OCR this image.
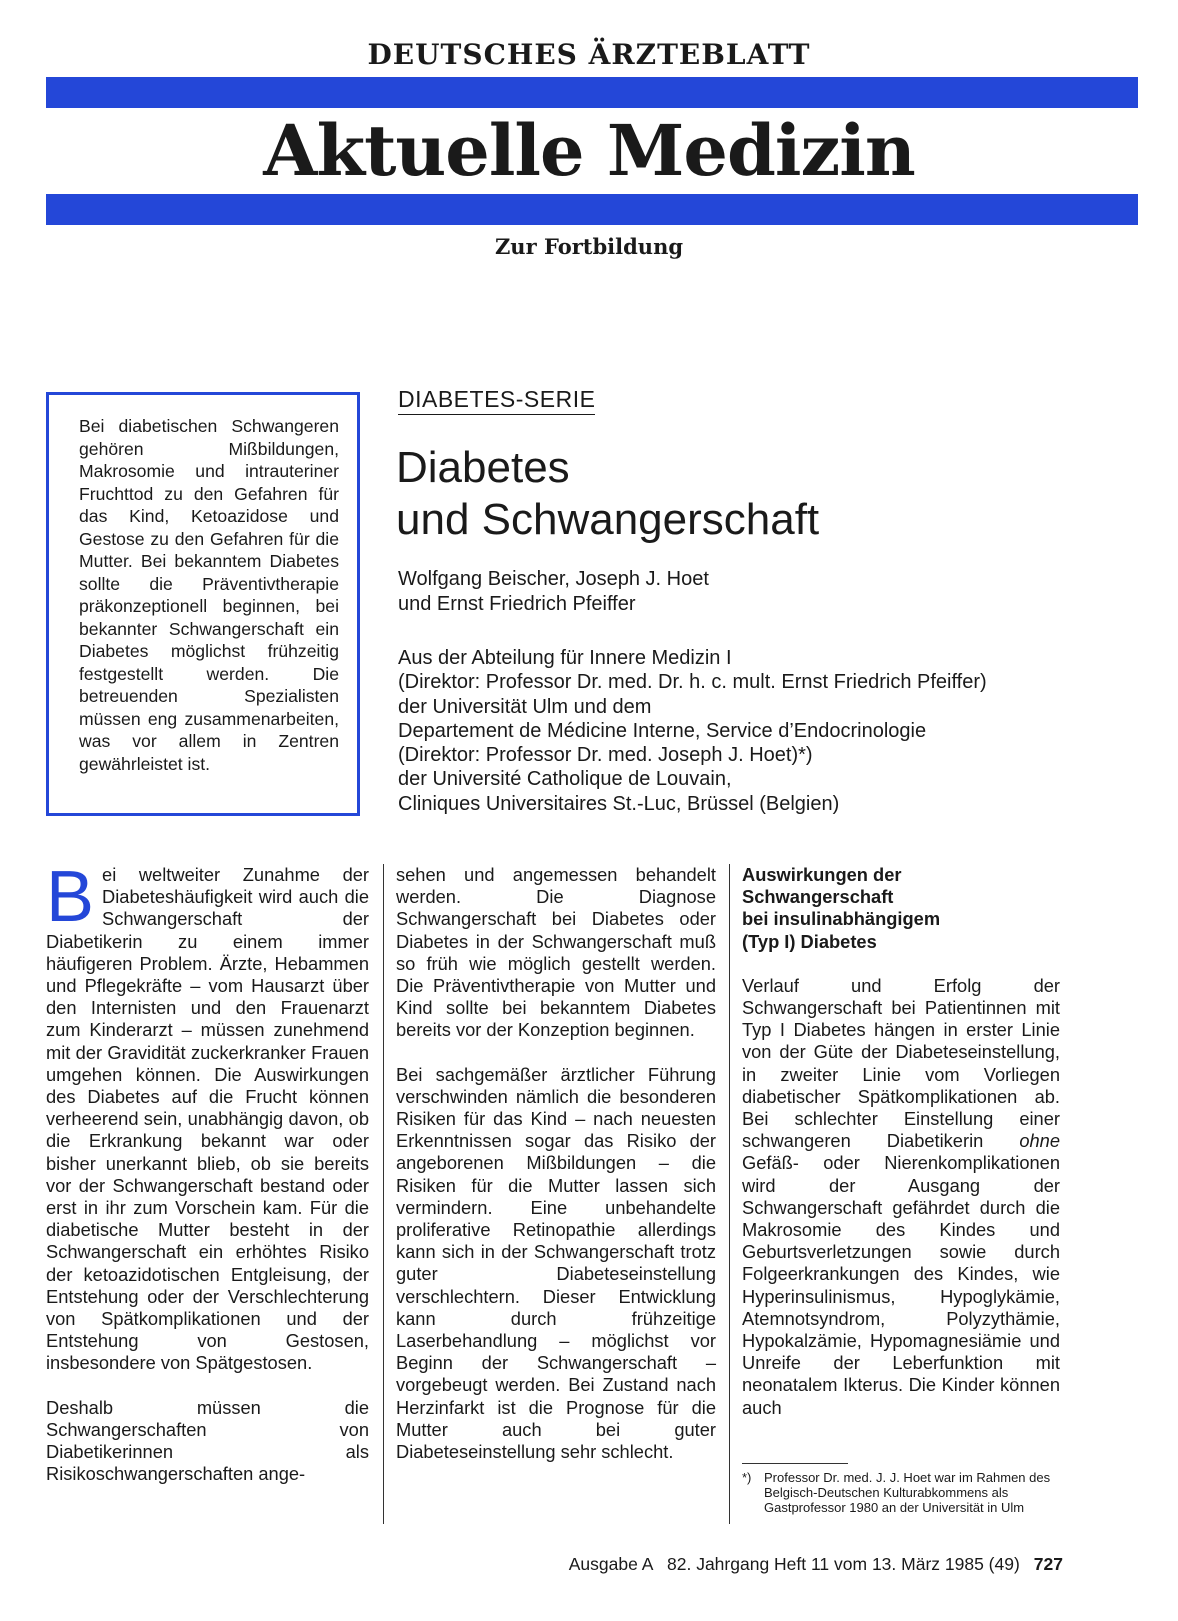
DEUTSCHES ÄRZTEBLATT
Aktuelle Medizin
Zur Fortbildung
Bei diabetischen Schwangeren gehören Mißbildungen, Makrosomie und intrauteriner Fruchttod zu den Gefahren für das Kind, Ketoazidose und Gestose zu den Gefahren für die Mutter. Bei bekanntem Diabetes sollte die Präventivtherapie präkonzeptionell beginnen, bei bekannter Schwangerschaft ein Diabetes möglichst frühzeitig festgestellt werden. Die betreuenden Spezialisten müssen eng zusammenarbeiten, was vor allem in Zentren gewährleistet ist.
DIABETES-SERIE
Diabetes
und Schwangerschaft
Wolfgang Beischer, Joseph J. Hoet
und Ernst Friedrich Pfeiffer
Aus der Abteilung für Innere Medizin I
(Direktor: Professor Dr. med. Dr. h. c. mult. Ernst Friedrich Pfeiffer)
der Universität Ulm und dem
Departement de Médicine Interne, Service d’Endocrinologie
(Direktor: Professor Dr. med. Joseph J. Hoet)*)
der Université Catholique de Louvain,
Cliniques Universitaires St.-Luc, Brüssel (Belgien)

Bei weltweiter Zunahme der Diabeteshäufigkeit wird auch die Schwangerschaft der Diabetikerin zu einem immer häufigeren Problem. Ärzte, Hebammen und Pflegekräfte – vom Hausarzt über den Internisten und den Frauenarzt zum Kinderarzt – müssen zunehmend mit der Gravidität zuckerkranker Frauen umgehen können. Die Auswirkungen des Diabetes auf die Frucht können verheerend sein, unabhängig davon, ob die Erkrankung bekannt war oder bisher unerkannt blieb, ob sie bereits vor der Schwangerschaft bestand oder erst in ihr zum Vorschein kam. Für die diabetische Mutter besteht in der Schwangerschaft ein erhöhtes Risiko der ketoazidotischen Entgleisung, der Entstehung oder der Verschlechterung von Spätkomplikationen und der Entstehung von Gestosen, insbesondere von Spätgestosen.

Deshalb müssen die Schwangerschaften von Diabetikerinnen als Risikoschwangerschaften ange-

sehen und angemessen behandelt werden. Die Diagnose Schwangerschaft bei Diabetes oder Diabetes in der Schwangerschaft muß so früh wie möglich gestellt werden. Die Präventivtherapie von Mutter und Kind sollte bei bekanntem Diabetes bereits vor der Konzeption beginnen.

Bei sachgemäßer ärztlicher Führung verschwinden nämlich die besonderen Risiken für das Kind – nach neuesten Erkenntnissen sogar das Risiko der angeborenen Mißbildungen – die Risiken für die Mutter lassen sich vermindern. Eine unbehandelte proliferative Retinopathie allerdings kann sich in der Schwangerschaft trotz guter Diabeteseinstellung verschlechtern. Dieser Entwicklung kann durch frühzeitige Laserbehandlung – möglichst vor Beginn der Schwangerschaft – vorgebeugt werden. Bei Zustand nach Herzinfarkt ist die Prognose für die Mutter auch bei guter Diabeteseinstellung sehr schlecht.

Auswirkungen der
Schwangerschaft
bei insulinabhängigem
(Typ I) Diabetes

Verlauf und Erfolg der Schwangerschaft bei Patientinnen mit Typ I Diabetes hängen in erster Linie von der Güte der Diabeteseinstellung, in zweiter Linie vom Vorliegen diabetischer Spätkomplikationen ab. Bei schlechter Einstellung einer schwangeren Diabetikerin ohne Gefäß- oder Nierenkomplikationen wird der Ausgang der Schwangerschaft gefährdet durch die Makrosomie des Kindes und Geburtsverletzungen sowie durch Folgeerkrankungen des Kindes, wie Hyperinsulinismus, Hypoglykämie, Atemnotsyndrom, Polyzythämie, Hypokalzämie, Hypomagnesiämie und Unreife der Leberfunktion mit neonatalem Ikterus. Die Kinder können auch

*) Professor Dr. med. J. J. Hoet war im Rahmen des Belgisch-Deutschen Kulturabkommens als Gastprofessor 1980 an der Universität in Ulm
Ausgabe A   82. Jahrgang Heft 11 vom 13. März 1985 (49) 727
